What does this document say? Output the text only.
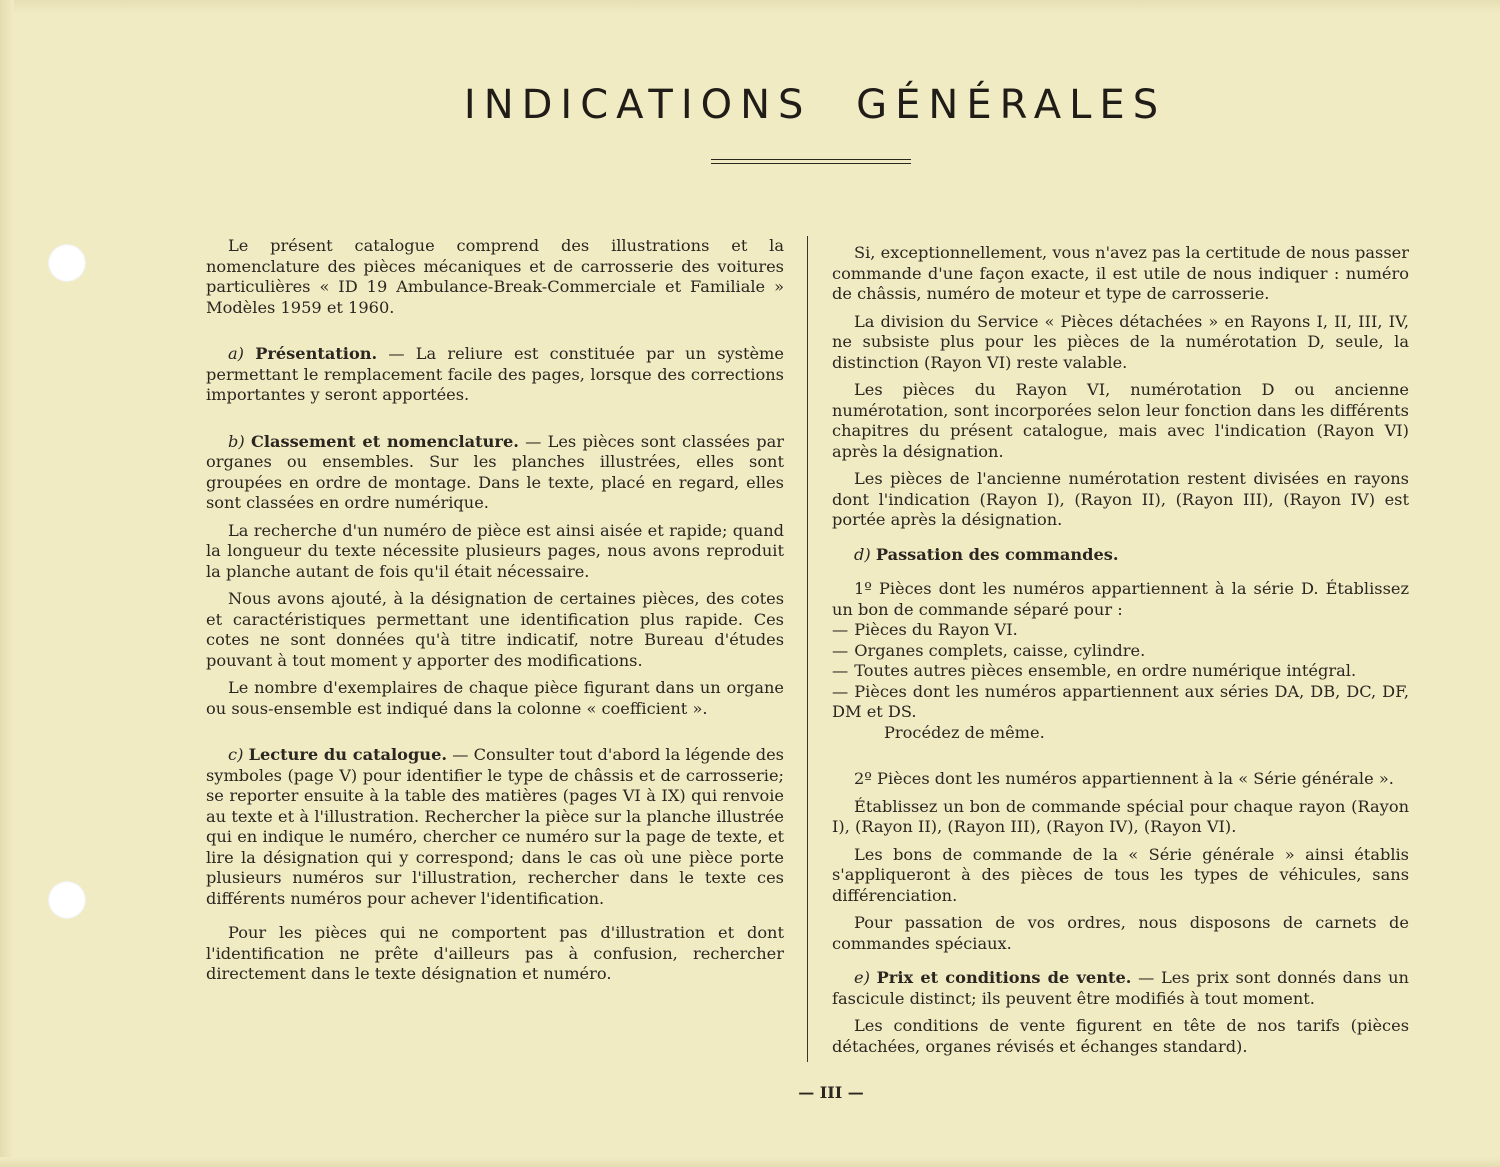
INDICATIONS GÉNÉRALES

Le présent catalogue comprend des illustrations et la nomenclature des pièces mécaniques et de carrosserie des voitures particulières « ID 19 Ambulance-Break-Commerciale et Familiale » Modèles 1959 et 1960.

a) Présentation. — La reliure est constituée par un système permettant le remplacement facile des pages, lorsque des corrections importantes y seront apportées.

b) Classement et nomenclature. — Les pièces sont classées par organes ou ensembles. Sur les planches illustrées, elles sont groupées en ordre de montage. Dans le texte, placé en regard, elles sont classées en ordre numérique.

La recherche d'un numéro de pièce est ainsi aisée et rapide; quand la longueur du texte nécessite plusieurs pages, nous avons reproduit la planche autant de fois qu'il était nécessaire.

Nous avons ajouté, à la désignation de certaines pièces, des cotes et caractéristiques permettant une identification plus rapide. Ces cotes ne sont données qu'à titre indicatif, notre Bureau d'études pouvant à tout moment y apporter des modifications.

Le nombre d'exemplaires de chaque pièce figurant dans un organe ou sous-ensemble est indiqué dans la colonne « coefficient ».

c) Lecture du catalogue. — Consulter tout d'abord la légende des symboles (page V) pour identifier le type de châssis et de carrosserie; se reporter ensuite à la table des matières (pages VI à IX) qui renvoie au texte et à l'illustration. Rechercher la pièce sur la planche illustrée qui en indique le numéro, chercher ce numéro sur la page de texte, et lire la désignation qui y correspond; dans le cas où une pièce porte plusieurs numéros sur l'illustration, rechercher dans le texte ces différents numéros pour achever l'identification.

Pour les pièces qui ne comportent pas d'illustration et dont l'identification ne prête d'ailleurs pas à confusion, rechercher directement dans le texte désignation et numéro.

Si, exceptionnellement, vous n'avez pas la certitude de nous passer commande d'une façon exacte, il est utile de nous indiquer : numéro de châssis, numéro de moteur et type de carrosserie.

La division du Service « Pièces détachées » en Rayons I, II, III, IV, ne subsiste plus pour les pièces de la numérotation D, seule, la distinction (Rayon VI) reste valable.

Les pièces du Rayon VI, numérotation D ou ancienne numérotation, sont incorporées selon leur fonction dans les différents chapitres du présent catalogue, mais avec l'indication (Rayon VI) après la désignation.

Les pièces de l'ancienne numérotation restent divisées en rayons dont l'indication (Rayon I), (Rayon II), (Rayon III), (Rayon IV) est portée après la désignation.

d) Passation des commandes.

1º Pièces dont les numéros appartiennent à la série D. Établissez un bon de commande séparé pour :

— Pièces du Rayon VI.

— Organes complets, caisse, cylindre.

— Toutes autres pièces ensemble, en ordre numérique intégral.

— Pièces dont les numéros appartiennent aux séries DA, DB, DC, DF, DM et DS.

Procédez de même.

2º Pièces dont les numéros appartiennent à la « Série générale ».

Établissez un bon de commande spécial pour chaque rayon (Rayon I), (Rayon II), (Rayon III), (Rayon IV), (Rayon VI).

Les bons de commande de la « Série générale » ainsi établis s'appliqueront à des pièces de tous les types de véhicules, sans différenciation.

Pour passation de vos ordres, nous disposons de carnets de commandes spéciaux.

e) Prix et conditions de vente. — Les prix sont donnés dans un fascicule distinct; ils peuvent être modifiés à tout moment.

Les conditions de vente figurent en tête de nos tarifs (pièces détachées, organes révisés et échanges standard).

— III —
